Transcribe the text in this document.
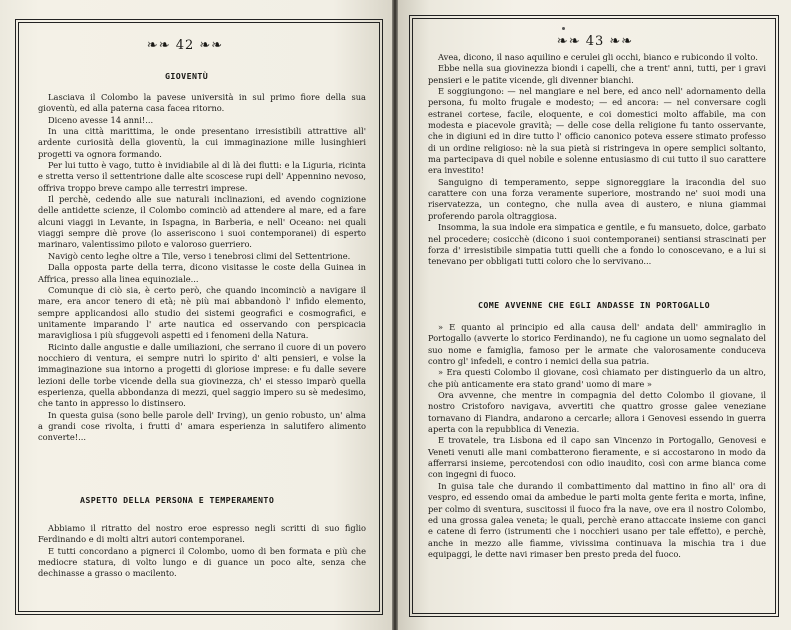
❧❧ 42 ❧❧
GIOVENTÙ

Lasciava il Colombo la pavese università in sul primo fiore della sua gioventù, ed alla paterna casa facea ritorno.

Diceno avesse 14 anni!...

In una città marittima, le onde presentano irresistibili attrattive all' ardente curiosità della gioventù, la cui immaginazione mille lusinghieri progetti va ognora formando.

Per lui tutto è vago, tutto è invidiabile al di là dei flutti: e la Liguria, ricinta e stretta verso il settentrione dalle alte scoscese rupi dell' Appennino nevoso, offriva troppo breve campo alle terrestri imprese.

Il perchè, cedendo alle sue naturali inclinazioni, ed avendo cognizione delle antidette scienze, il Colombo cominciò ad attendere al mare, ed a fare alcuni viaggi in Levante, in Ispagna, in Barberia, e nell' Oceano: nei quali viaggi sempre diè prove (lo asseriscono i suoi contemporanei) di esperto marinaro, valentissimo piloto e valoroso guerriero.

Navigò cento leghe oltre a Tile, verso i tenebrosi climi del Settentrione.

Dalla opposta parte della terra, dicono visitasse le coste della Guinea in Affrica, presso alla linea equinoziale...

Comunque di ciò sia, è certo però, che quando incominciò a navigare il mare, era ancor tenero di età; nè più mai abbandonò l' infido elemento, sempre applicandosi allo studio dei sistemi geografici e cosmografici, e unitamente imparando l' arte nautica ed osservando con perspicacia maravigliosa i più sfuggevoli aspetti ed i fenomeni della Natura.

Ricinto dalle angustie e dalle umiliazioni, che serrano il cuore di un povero nocchiero di ventura, ei sempre nutrì lo spirito d' alti pensieri, e volse la immaginazione sua intorno a progetti di gloriose imprese: e fu dalle severe lezioni delle torbe vicende della sua giovinezza, ch' ei stesso imparò quella esperienza, quella abbondanza di mezzi, quel saggio impero su sè medesimo, che tanto in appresso lo distinsero.

In questa guisa (sono belle parole dell' Irving), un genio robusto, un' alma a grandi cose rivolta, i frutti d' amara esperienza in salutifero alimento converte!...

ASPETTO DELLA PERSONA E TEMPERAMENTO

Abbiamo il ritratto del nostro eroe espresso negli scritti di suo figlio Ferdinando e di molti altri autori contemporanei.

E tutti concordano a pignerci il Colombo, uomo di ben formata e più che mediocre statura, di volto lungo e di guance un poco alte, senza che dechinasse a grasso o macilento.

❧❧ 43 ❧❧

Avea, dicono, il naso aquilino e cerulei gli occhi, bianco e rubicondo il volto.

Ebbe nella sua giovinezza biondi i capelli, che a trent' anni, tutti, per i gravi pensieri e le patite vicende, gli divenner bianchi.

E soggiungono: — nel mangiare e nel bere, ed anco nell' adornamento della persona, fu molto frugale e modesto; — ed ancora: — nel conversare cogli estranei cortese, facile, eloquente, e coi domestici molto affabile, ma con modesta e piacevole gravità; — delle cose della religione fu tanto osservante, che in digiuni ed in dire tutto l' officio canonico poteva essere stimato professo di un ordine religioso: nè la sua pietà si ristringeva in opere semplici soltanto, ma partecipava di quel nobile e solenne entusiasmo di cui tutto il suo carattere era investito!

Sanguigno di temperamento, seppe signoreggiare la iracondia del suo carattere con una forza veramente superiore, mostrando ne' suoi modi una riservatezza, un contegno, che nulla avea di austero, e niuna giammai proferendo parola oltraggiosa.

Insomma, la sua indole era simpatica e gentile, e fu mansueto, dolce, garbato nel procedere; cosicchè (dicono i suoi contemporanei) sentiansi strascinati per forza d' irresistibile simpatia tutti quelli che a fondo lo conoscevano, e a lui si tenevano per obbligati tutti coloro che lo servivano...

COME AVVENNE CHE EGLI ANDASSE IN PORTOGALLO

» E quanto al principio ed alla causa dell' andata dell' ammiraglio in Portogallo (avverte lo storico Ferdinando), ne fu cagione un uomo segnalato del suo nome e famiglia, famoso per le armate che valorosamente conduceva contro gl' infedeli, e contro i nemici della sua patria.

» Era questi Colombo il giovane, così chiamato per distinguerlo da un altro, che più anticamente era stato grand' uomo di mare »

Ora avvenne, che mentre in compagnia del detto Colombo il giovane, il nostro Cristoforo navigava, avvertiti che quattro grosse galee veneziane tornavano di Fiandra, andarono a cercarle; allora i Genovesi essendo in guerra aperta con la repubblica di Venezia.

E trovatele, tra Lisbona ed il capo san Vincenzo in Portogallo, Genovesi e Veneti venuti alle mani combatterono fieramente, e si accostarono in modo da afferrarsi insieme, percotendosi con odio inaudito, così con arme bianca come con ingegni di fuoco.

In guisa tale che durando il combattimento dal mattino in fino all' ora di vespro, ed essendo omai da ambedue le parti molta gente ferita e morta, infine, per colmo di sventura, suscitossi il fuoco fra la nave, ove era il nostro Colombo, ed una grossa galea veneta; le quali, perchè erano attaccate insieme con ganci e catene di ferro (istrumenti che i nocchieri usano per tale effetto), e perchè, anche in mezzo alle fiamme, vivissima continuava la mischia tra i due equipaggi, le dette navi rimaser ben presto preda del fuoco.
